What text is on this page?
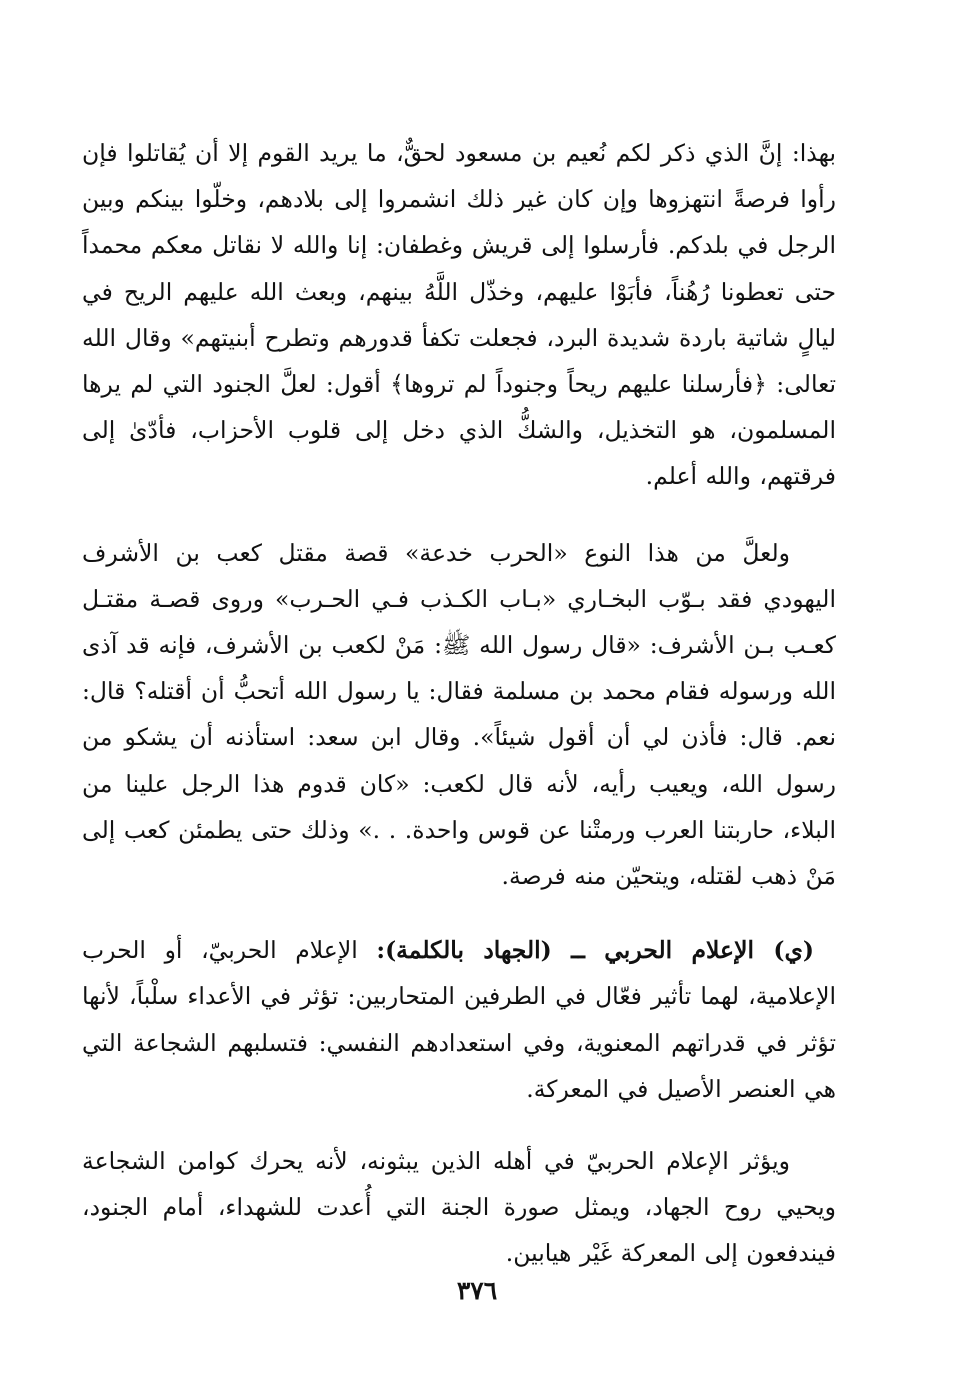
بهذا: إنَّ الذي ذكر لكم نُعيم بن مسعود لحقٌّ، ما يريد القوم إلا أن يُقاتلوا فإن رأوا فرصةً انتهزوها وإن كان غير ذلك انشمروا إلى بلادهم، وخلّوا بينكم وبين الرجل في بلدكم. فأرسلوا إلى قريش وغطفان: إنا والله لا نقاتل معكم محمداً حتى تعطونا رُهُناً، فأبَوْا عليهم، وخذّل اللَّهُ بينهم، وبعث الله عليهم الريح في ليالٍ شاتية باردة شديدة البرد، فجعلت تكفأ قدورهم وتطرح أبنيتهم» وقال الله تعالى: ﴿فأرسلنا عليهم ريحاً وجنوداً لم تروها﴾ أقول: لعلَّ الجنود التي لم يرها المسلمون، هو التخذيل، والشكُّ الذي دخل إلى قلوب الأحزاب، فأدّىٰ إلى فرقتهم، والله أعلم.

ولعلَّ من هذا النوع «الحرب خدعة» قصة مقتل كعب بن الأشرف اليهودي فقد بـوّب البخـاري «بـاب الكـذب فـي الحـرب» وروى قصـة مقتـل كعـب بـن الأشرف: «قال رسول الله ﷺ: مَنْ لكعب بن الأشرف، فإنه قد آذى الله ورسوله فقام محمد بن مسلمة فقال: يا رسول الله أتحبُّ أن أقتله؟ قال: نعم. قال: فأذن لي أن أقول شيئاً». وقال ابن سعد: استأذنه أن يشكو من رسول الله، ويعيب رأيه، لأنه قال لكعب: «كان قدوم هذا الرجل علينا من البلاء، حاربتنا العرب ورمتْنا عن قوس واحدة. . .» وذلك حتى يطمئن كعب إلى مَنْ ذهب لقتله، ويتحيّن منه فرصة.

(ي) الإعلام الحربي ــ (الجهاد بالكلمة): الإعلام الحربيّ، أو الحرب الإعلامية، لهما تأثير فعّال في الطرفين المتحاربين: تؤثر في الأعداء سلْباً، لأنها تؤثر في قدراتهم المعنوية، وفي استعدادهم النفسي: فتسلبهم الشجاعة التي هي العنصر الأصيل في المعركة.

ويؤثر الإعلام الحربيّ في أهله الذين يبثونه، لأنه يحرك كوامن الشجاعة ويحيي روح الجهاد، ويمثل صورة الجنة التي أُعدت للشهداء، أمام الجنود، فيندفعون إلى المعركة غَيْر هيابين.

٣٧٦
